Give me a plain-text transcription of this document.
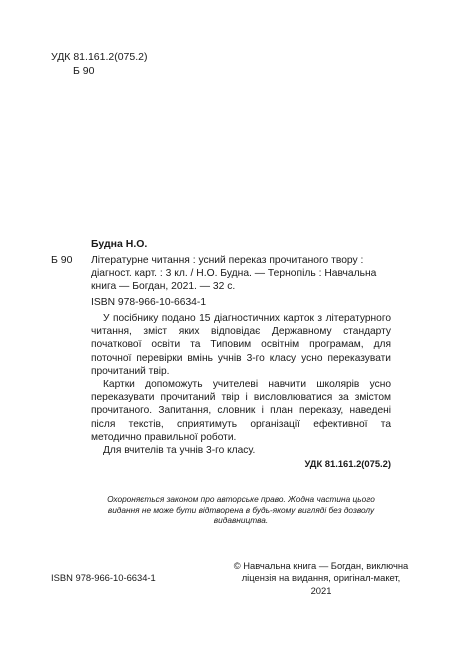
УДК 81.161.2(075.2)
Б 90
Будна Н.О.
Б 90 Літературне читання : усний переказ прочитаного твору : діагност. карт. : 3 кл. / Н.О. Будна. — Тернопіль : Навчальна книга — Богдан, 2021. — 32 с.
ISBN 978-966-10-6634-1

У посібнику подано 15 діагностичних карток з літературного читання, зміст яких відповідає Державному стандарту початкової освіти та Типовим освітнім програмам, для поточної перевірки вмінь учнів 3-го класу усно переказувати прочитаний твір.

Картки допоможуть учителеві навчити школярів усно переказувати прочитаний твір і висловлюватися за змістом прочитаного. Запитання, словник і план переказу, наведені після текстів, сприятимуть організації ефективної та методично правильної роботи.

Для вчителів та учнів 3-го класу.

УДК 81.161.2(075.2)
Охороняється законом про авторське право. Жодна частина цього видання не може бути відтворена в будь-якому вигляді без дозволу видавництва.
ISBN 978-966-10-6634-1
© Навчальна книга — Богдан, виключна ліцензія на видання, оригінал-макет, 2021
